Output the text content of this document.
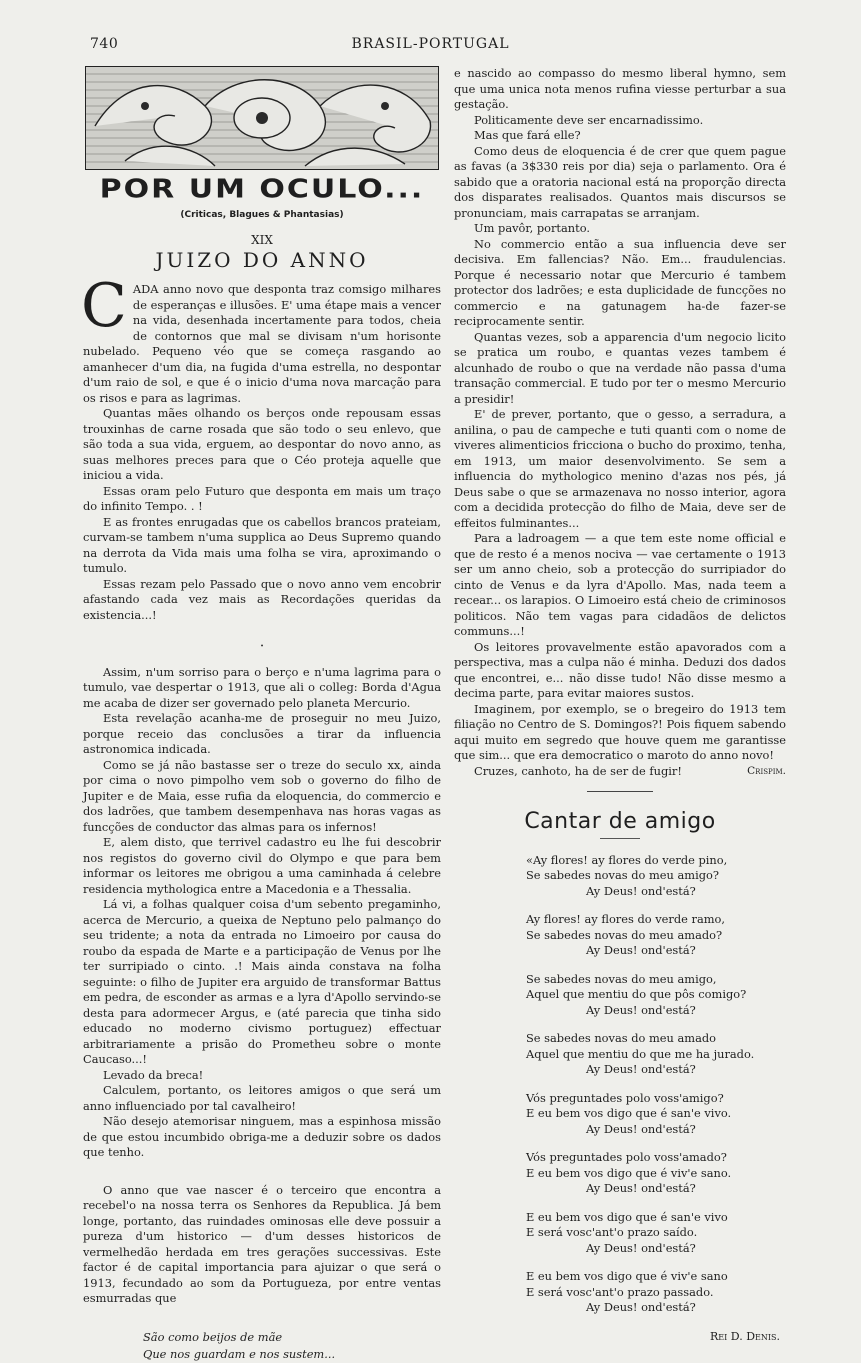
740	BRASIL-PORTUGAL
POR UM OCULO...
(Criticas, Blagues & Phantasias)
XIX
JUIZO DO ANNO

CADA anno novo que desponta traz comsigo milhares de esperanças e illusões. E' uma étape mais a vencer na vida, desenhada incertamente para todos, cheia de contornos que mal se divisam n'um horisonte nubelado. Pequeno véo que se começa rasgando ao amanhecer d'um dia, na fugida d'uma estrella, no despontar d'um raio de sol, e que é o inicio d'uma nova marcação para os risos e para as lagrimas.

Quantas mães olhando os berços onde repousam essas trouxinhas de carne rosada que são todo o seu enlevo, que são toda a sua vida, erguem, ao despontar do novo anno, as suas melhores preces para que o Céo proteja aquelle que iniciou a vida.

Essas oram pelo Futuro que desponta em mais um traço do infinito Tempo. . !

E as frontes enrugadas que os cabellos brancos prateiam, curvam-se tambem n'uma supplica ao Deus Supremo quando na derrota da Vida mais uma folha se vira, aproximando o tumulo.

Essas rezam pelo Passado que o novo anno vem encobrir afastando cada vez mais as Recordações queridas da existencia...!

•

Assim, n'um sorriso para o berço e n'uma lagrima para o tumulo, vae despertar o 1913, que ali o colleg: Borda d'Agua me acaba de dizer ser governado pelo planeta Mercurio.

Esta revelação acanha-me de proseguir no meu Juizo, porque receio das conclusões a tirar da influencia astronomica indicada.

Como se já não bastasse ser o treze do seculo xx, ainda por cima o novo pimpolho vem sob o governo do filho de Jupiter e de Maia, esse rufia da eloquencia, do commercio e dos ladrões, que tambem desempenhava nas horas vagas as funcções de conductor das almas para os infernos!

E, alem disto, que terrivel cadastro eu lhe fui descobrir nos registos do governo civil do Olympo e que para bem informar os leitores me obrigou a uma caminhada á celebre residencia mythologica entre a Macedonia e a Thessalia.

Lá vi, a folhas qualquer coisa d'um sebento pregaminho, acerca de Mercurio, a queixa de Neptuno pelo palmanço do seu tridente; a nota da entrada no Limoeiro por causa do roubo da espada de Marte e a participação de Venus por lhe ter surripiado o cinto. .! Mais ainda constava na folha seguinte: o filho de Jupiter era arguido de transformar Battus em pedra, de esconder as armas e a lyra d'Apollo servindo-se desta para adormecer Argus, e (até parecia que tinha sido educado no moderno civismo portuguez) effectuar arbitrariamente a prisão do Prometheu sobre o monte Caucaso...!

Levado da breca!

Calculem, portanto, os leitores amigos o que será um anno influenciado por tal cavalheiro!

Não desejo atemorisar ninguem, mas a espinhosa missão de que estou incumbido obriga-me a deduzir sobre os dados que tenho.

O anno que vae nascer é o terceiro que encontra a recebel'o na nossa terra os Senhores da Republica. Já bem longe, portanto, das ruindades ominosas elle deve possuir a pureza d'um historico — d'um desses historicos de vermelhedão herdada em tres gerações successivas. Este factor é de capital importancia para ajuizar o que será o 1913, fecundado ao som da Portugueza, por entre ventas esmurradas que

São como beijos de mãe
Que nos guardam e nos sustem...

e nascido ao compasso do mesmo liberal hymno, sem que uma unica nota menos rufina viesse perturbar a sua gestação.

Politicamente deve ser encarnadissimo.

Mas que fará elle?

Como deus de eloquencia é de crer que quem pague as favas (a 3$330 reis por dia) seja o parlamento. Ora é sabido que a oratoria nacional está na proporção directa dos disparates realisados. Quantos mais discursos se pronunciam, mais carrapatas se arranjam.

Um pavôr, portanto.

No commercio então a sua influencia deve ser decisiva. Em fallencias? Não. Em... fraudulencias. Porque é necessario notar que Mercurio é tambem protector dos ladrões; e esta duplicidade de funcções no commercio e na gatunagem ha-de fazer-se reciprocamente sentir.

Quantas vezes, sob a apparencia d'um negocio licito se pratica um roubo, e quantas vezes tambem é alcunhado de roubo o que na verdade não passa d'uma transação commercial. E tudo por ter o mesmo Mercurio a presidir!

E' de prever, portanto, que o gesso, a serradura, a anilina, o pau de campeche e tuti quanti com o nome de viveres alimenticios fricciona o bucho do proximo, tenha, em 1913, um maior desenvolvimento. Se sem a influencia do mythologico menino d'azas nos pés, já Deus sabe o que se armazenava no nosso interior, agora com a decidida protecção do filho de Maia, deve ser de effeitos fulminantes...

Para a ladroagem — a que tem este nome official e que de resto é a menos nociva — vae certamente o 1913 ser um anno cheio, sob a protecção do surripiador do cinto de Venus e da lyra d'Apollo. Mas, nada teem a recear... os larapios. O Limoeiro está cheio de criminosos politicos. Não tem vagas para cidadãos de delictos communs...!

Os leitores provavelmente estão apavorados com a perspectiva, mas a culpa não é minha. Deduzi dos dados que encontrei, e... não disse tudo! Não disse mesmo a decima parte, para evitar maiores sustos.

Imaginem, por exemplo, se o bregeiro do 1913 tem filiação no Centro de S. Domingos?! Pois fiquem sabendo aqui muito em segredo que houve quem me garantisse que sim... que era democratico o maroto do anno novo!

Cruzes, canhoto, ha de ser de fugir!	Crispim.
Cantar de amigo
«Ay flores! ay flores do verde pino,
Se sabedes novas do meu amigo?
Ay Deus! ond'está?
Ay flores! ay flores do verde ramo,
Se sabedes novas do meu amado?
Ay Deus! ond'está?
Se sabedes novas do meu amigo,
Aquel que mentiu do que pôs comigo?
Ay Deus! ond'está?
Se sabedes novas do meu amado
Aquel que mentiu do que me ha jurado.
Ay Deus! ond'está?
Vós preguntades polo voss'amigo?
E eu bem vos digo que é san'e vivo.
Ay Deus! ond'está?
Vós preguntades polo voss'amado?
E eu bem vos digo que é viv'e sano.
Ay Deus! ond'está?
E eu bem vos digo que é san'e vivo
E será vosc'ant'o prazo saído.
Ay Deus! ond'está?
E eu bem vos digo que é viv'e sano
E será vosc'ant'o prazo passado.
Ay Deus! ond'está?
Rei D. Denis.
